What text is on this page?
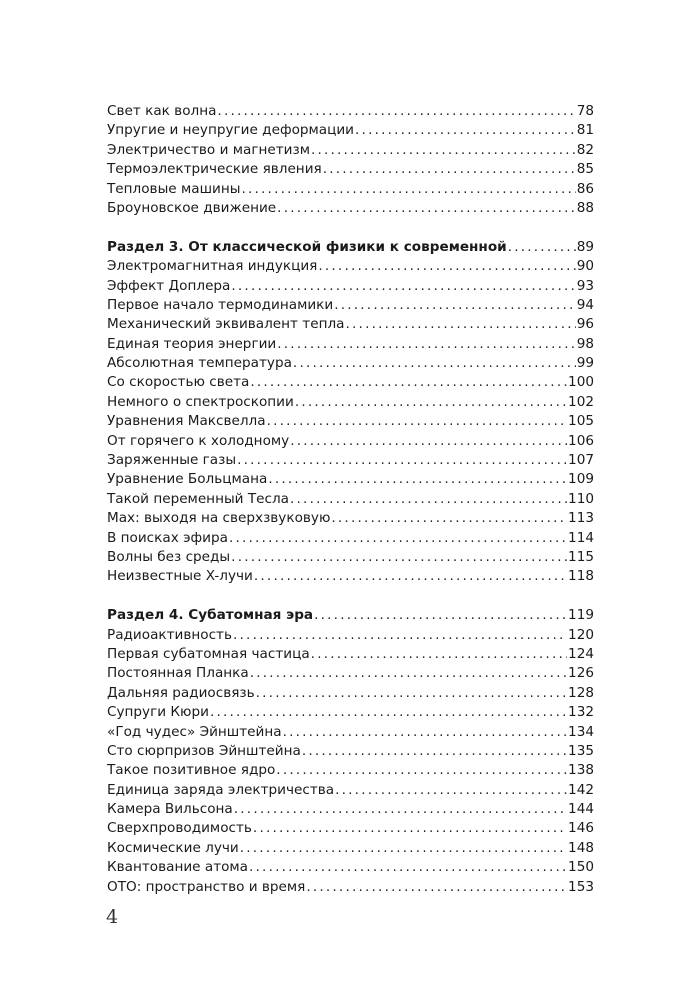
Свет как волна .....	78
Упругие и неупругие деформации .....	81
Электричество и магнетизм .....	82
Термоэлектрические явления .....	85
Тепловые машины .....	86
Броуновское движение .....	88
Раздел 3. От классической физики к современной .....	89
Электромагнитная индукция .....	90
Эффект Доплера .....	93
Первое начало термодинамики .....	94
Механический эквивалент тепла .....	96
Единая теория энергии .....	98
Абсолютная температура .....	99
Со скоростью света .....	100
Немного о спектроскопии .....	102
Уравнения Максвелла .....	105
От горячего к холодному .....	106
Заряженные газы .....	107
Уравнение Больцмана .....	109
Такой переменный Тесла .....	110
Мах: выходя на сверхзвуковую .....	113
В поисках эфира .....	114
Волны без среды .....	115
Неизвестные X-лучи .....	118
Раздел 4. Субатомная эра .....	119
Радиоактивность .....	120
Первая субатомная частица .....	124
Постоянная Планка .....	126
Дальняя радиосвязь .....	128
Супруги Кюри .....	132
«Год чудес» Эйнштейна .....	134
Сто сюрпризов Эйнштейна .....	135
Такое позитивное ядро .....	138
Единица заряда электричества .....	142
Камера Вильсона .....	144
Сверхпроводимость .....	146
Космические лучи .....	148
Квантование атома .....	150
ОТО: пространство и время .....	153
4
